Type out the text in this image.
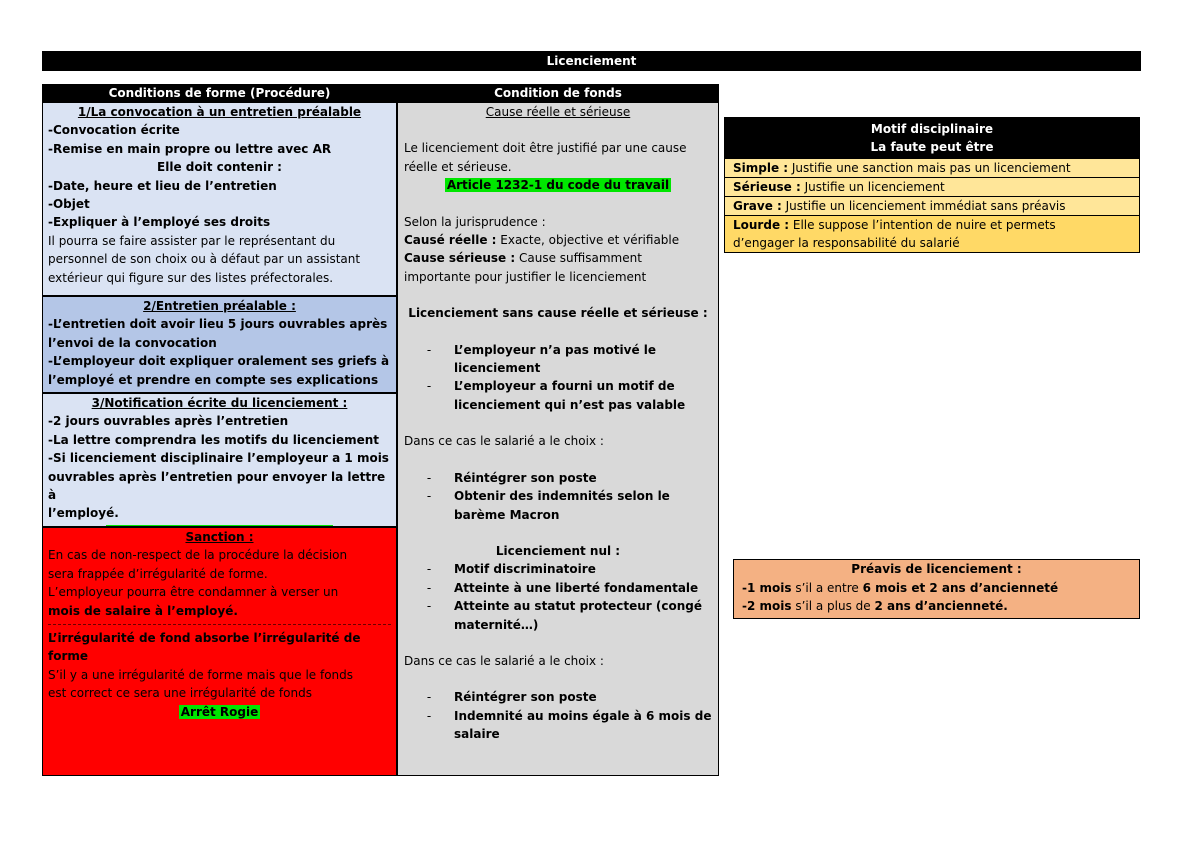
Licenciement
Conditions de forme (Procédure)
1/La convocation à un entretien préalable
-Convocation écrite
-Remise en main propre ou lettre avec AR
Elle doit contenir :
-Date, heure et lieu de l’entretien
-Objet
-Expliquer à l’employé ses droits
Il pourra se faire assister par le représentant du
personnel de son choix ou à défaut par un assistant
extérieur qui figure sur des listes préfectorales.
2/Entretien préalable :
-L’entretien doit avoir lieu 5 jours ouvrables après
l’envoi de la convocation
-L’employeur doit expliquer oralement ses griefs à
l’employé et prendre en compte ses explications
3/Notification écrite du licenciement :
-2 jours ouvrables après l’entretien
-La lettre comprendra les motifs du licenciement
-Si licenciement disciplinaire l’employeur a 1 mois
ouvrables après l’entretien pour envoyer la lettre à
l’employé.
Sanction :
En cas de non-respect de la procédure la décision
sera frappée d’irrégularité de forme.
L’employeur pourra être condamner à verser un
mois de salaire à l’employé.
L’irrégularité de fond absorbe l’irrégularité de
forme
S’il y a une irrégularité de forme mais que le fonds
est correct ce sera une irrégularité de fonds
Arrêt Rogie
Condition de fonds
Cause réelle et sérieuse
Le licenciement doit être justifié par une cause
réelle et sérieuse.
Article 1232-1 du code du travail
Selon la jurisprudence :
Causé réelle : Exacte, objective et vérifiable
Cause sérieuse : Cause suffisamment
importante pour justifier le licenciement
Licenciement sans cause réelle et sérieuse :
-	L’employeur n’a pas motivé le
licenciement
-	L’employeur a fourni un motif de
licenciement qui n’est pas valable
Dans ce cas le salarié a le choix :
-	Réintégrer son poste
-	Obtenir des indemnités selon le
barème Macron
Licenciement nul :
-	Motif discriminatoire
-	Atteinte à une liberté fondamentale
-	Atteinte au statut protecteur (congé
maternité…)
Dans ce cas le salarié a le choix :
-	Réintégrer son poste
-	Indemnité au moins égale à 6 mois de
salaire
Motif disciplinaire
La faute peut être
Simple : Justifie une sanction mais pas un licenciement
Sérieuse : Justifie un licenciement
Grave : Justifie un licenciement immédiat sans préavis
Lourde : Elle suppose l’intention de nuire et permets
d’engager la responsabilité du salarié
Préavis de licenciement :
-1 mois s’il a entre 6 mois et 2 ans d’ancienneté
-2 mois s’il a plus de 2 ans d’ancienneté.
